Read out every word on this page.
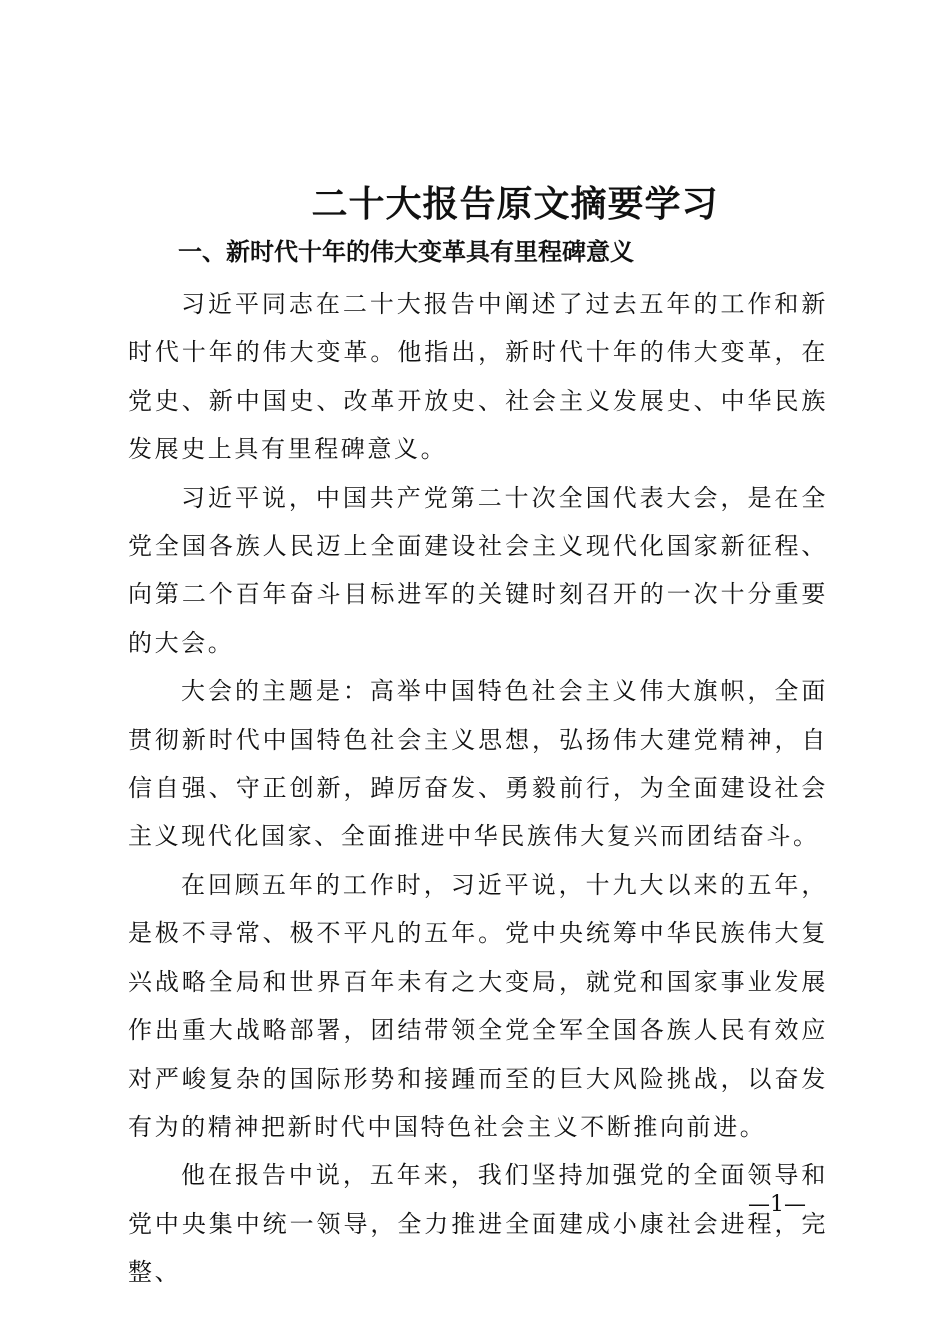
二十大报告原文摘要学习
一、新时代十年的伟大变革具有里程碑意义

习近平同志在二十大报告中阐述了过去五年的工作和新时代十年的伟大变革。他指出，新时代十年的伟大变革，在党史、新中国史、改革开放史、社会主义发展史、中华民族发展史上具有里程碑意义。

习近平说，中国共产党第二十次全国代表大会，是在全党全国各族人民迈上全面建设社会主义现代化国家新征程、向第二个百年奋斗目标进军的关键时刻召开的一次十分重要的大会。

大会的主题是：高举中国特色社会主义伟大旗帜，全面贯彻新时代中国特色社会主义思想，弘扬伟大建党精神，自信自强、守正创新，踔厉奋发、勇毅前行，为全面建设社会主义现代化国家、全面推进中华民族伟大复兴而团结奋斗。

在回顾五年的工作时，习近平说，十九大以来的五年，是极不寻常、极不平凡的五年。党中央统筹中华民族伟大复兴战略全局和世界百年未有之大变局，就党和国家事业发展作出重大战略部署，团结带领全党全军全国各族人民有效应对严峻复杂的国际形势和接踵而至的巨大风险挑战，以奋发有为的精神把新时代中国特色社会主义不断推向前进。

他在报告中说，五年来，我们坚持加强党的全面领导和党中央集中统一领导，全力推进全面建成小康社会进程，完整、

—1—
